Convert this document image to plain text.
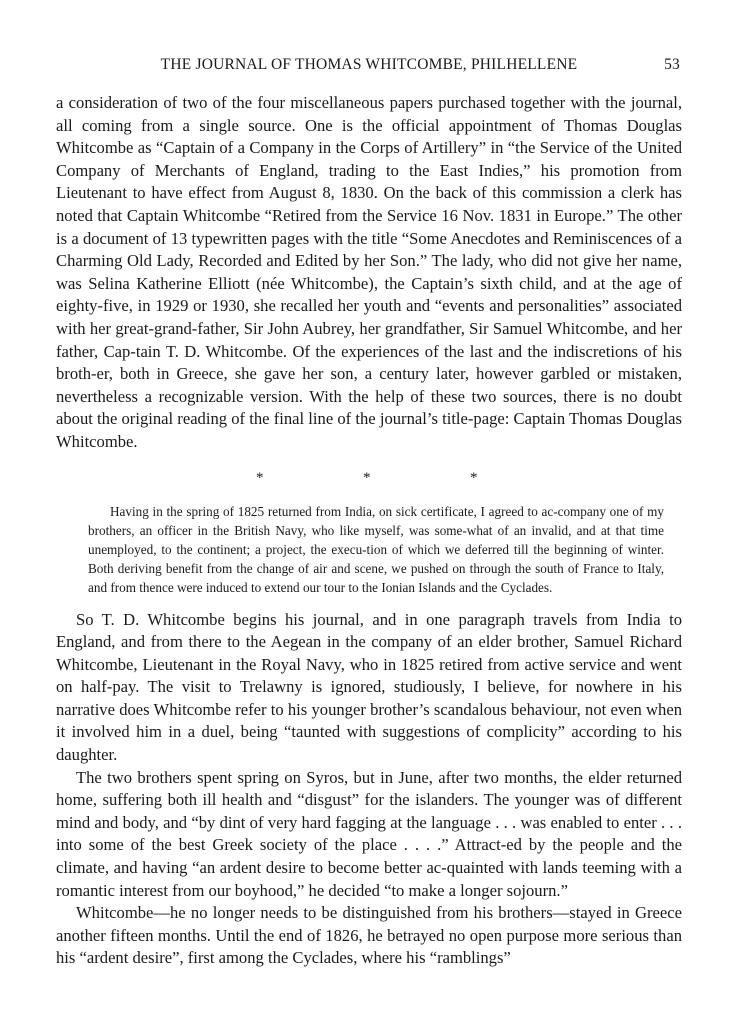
THE JOURNAL OF THOMAS WHITCOMBE, PHILHELLENE	53

a consideration of two of the four miscellaneous papers purchased together with the journal, all coming from a single source. One is the official appointment of Thomas Douglas Whitcombe as “Captain of a Company in the Corps of Artillery” in “the Service of the United Company of Merchants of England, trading to the East Indies,” his promotion from Lieutenant to have effect from August 8, 1830. On the back of this commission a clerk has noted that Captain Whitcombe “Retired from the Service 16 Nov. 1831 in Europe.” The other is a document of 13 typewritten pages with the title “Some Anecdotes and Reminiscences of a Charming Old Lady, Recorded and Edited by her Son.” The lady, who did not give her name, was Selina Katherine Elliott (née Whitcombe), the Captain’s sixth child, and at the age of eighty-five, in 1929 or 1930, she recalled her youth and “events and personalities” associated with her great-grand-father, Sir John Aubrey, her grandfather, Sir Samuel Whitcombe, and her father, Cap-tain T. D. Whitcombe. Of the experiences of the last and the indiscretions of his broth-er, both in Greece, she gave her son, a century later, however garbled or mistaken, nevertheless a recognizable version. With the help of these two sources, there is no doubt about the original reading of the final line of the journal’s title-page: Captain Thomas Douglas Whitcombe.

*	*	*

Having in the spring of 1825 returned from India, on sick certificate, I agreed to ac-company one of my brothers, an officer in the British Navy, who like myself, was some-what of an invalid, and at that time unemployed, to the continent; a project, the execu-tion of which we deferred till the beginning of winter. Both deriving benefit from the change of air and scene, we pushed on through the south of France to Italy, and from thence were induced to extend our tour to the Ionian Islands and the Cyclades.

So T. D. Whitcombe begins his journal, and in one paragraph travels from India to England, and from there to the Aegean in the company of an elder brother, Samuel Richard Whitcombe, Lieutenant in the Royal Navy, who in 1825 retired from active service and went on half-pay. The visit to Trelawny is ignored, studiously, I believe, for nowhere in his narrative does Whitcombe refer to his younger brother’s scandalous behaviour, not even when it involved him in a duel, being “taunted with suggestions of complicity” according to his daughter.

The two brothers spent spring on Syros, but in June, after two months, the elder returned home, suffering both ill health and “disgust” for the islanders. The younger was of different mind and body, and “by dint of very hard fagging at the language . . . was enabled to enter . . . into some of the best Greek society of the place . . . .” Attract-ed by the people and the climate, and having “an ardent desire to become better ac-quainted with lands teeming with a romantic interest from our boyhood,” he decided “to make a longer sojourn.”

Whitcombe—he no longer needs to be distinguished from his brothers—stayed in Greece another fifteen months. Until the end of 1826, he betrayed no open purpose more serious than his “ardent desire”, first among the Cyclades, where his “ramblings”
